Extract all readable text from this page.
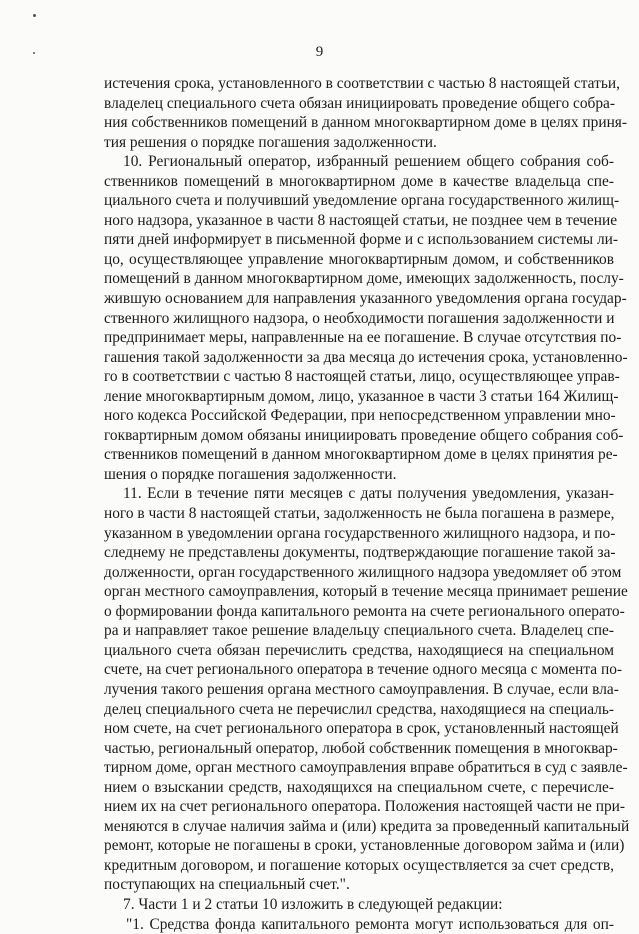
9
истечения срока, установленного в соответствии с частью 8 настоящей статьи,
владелец специального счета обязан инициировать проведение общего собра-
ния собственников помещений в данном многоквартирном доме в целях приня-
тия решения о порядке погашения задолженности.
10. Региональный оператор, избранный решением общего собрания соб-
ственников помещений в многоквартирном доме в качестве владельца спе-
циального счета и получивший уведомление органа государственного жилищ-
ного надзора, указанное в части 8 настоящей статьи, не позднее чем в течение
пяти дней информирует в письменной форме и с использованием системы ли-
цо, осуществляющее управление многоквартирным домом, и собственников
помещений в данном многоквартирном доме, имеющих задолженность, послу-
жившую основанием для направления указанного уведомления органа государ-
ственного жилищного надзора, о необходимости погашения задолженности и
предпринимает меры, направленные на ее погашение. В случае отсутствия по-
гашения такой задолженности за два месяца до истечения срока, установленно-
го в соответствии с частью 8 настоящей статьи, лицо, осуществляющее управ-
ление многоквартирным домом, лицо, указанное в части 3 статьи 164 Жилищ-
ного кодекса Российской Федерации, при непосредственном управлении мно-
гоквартирным домом обязаны инициировать проведение общего собрания соб-
ственников помещений в данном многоквартирном доме в целях принятия ре-
шения о порядке погашения задолженности.
11. Если в течение пяти месяцев с даты получения уведомления, указан-
ного в части 8 настоящей статьи, задолженность не была погашена в размере,
указанном в уведомлении органа государственного жилищного надзора, и по-
следнему не представлены документы, подтверждающие погашение такой за-
долженности, орган государственного жилищного надзора уведомляет об этом
орган местного самоуправления, который в течение месяца принимает решение
о формировании фонда капитального ремонта на счете регионального операто-
ра и направляет такое решение владельцу специального счета. Владелец спе-
циального счета обязан перечислить средства, находящиеся на специальном
счете, на счет регионального оператора в течение одного месяца с момента по-
лучения такого решения органа местного самоуправления. В случае, если вла-
делец специального счета не перечислил средства, находящиеся на специаль-
ном счете, на счет регионального оператора в срок, установленный настоящей
частью, региональный оператор, любой собственник помещения в многоквар-
тирном доме, орган местного самоуправления вправе обратиться в суд с заявле-
нием о взыскании средств, находящихся на специальном счете, с перечисле-
нием их на счет регионального оператора. Положения настоящей части не при-
меняются в случае наличия займа и (или) кредита за проведенный капитальный
ремонт, которые не погашены в сроки, установленные договором займа и (или)
кредитным договором, и погашение которых осуществляется за счет средств,
поступающих на специальный счет.".
7. Части 1 и 2 статьи 10 изложить в следующей редакции:
"1. Средства фонда капитального ремонта могут использоваться для оп-
